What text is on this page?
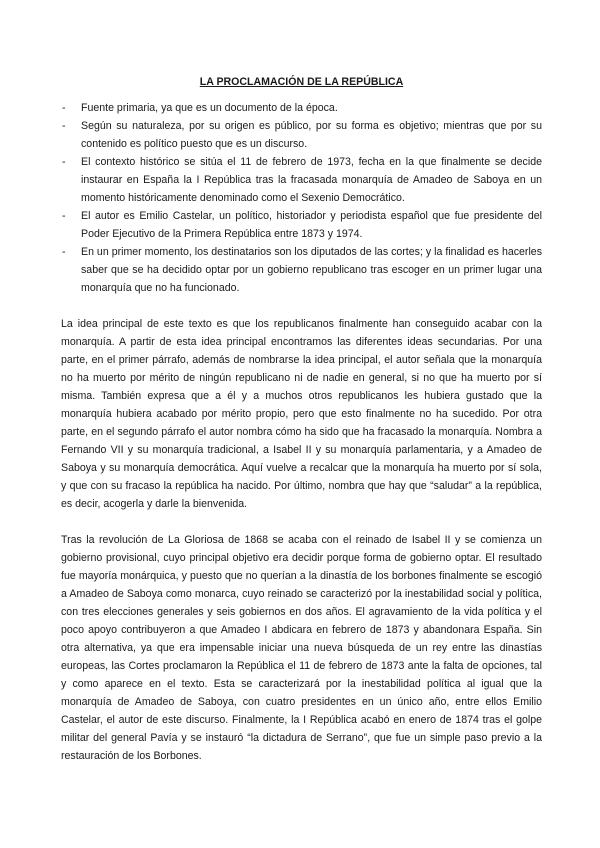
LA PROCLAMACIÓN DE LA REPÚBLICA
- Fuente primaria, ya que es un documento de la época.
- Según su naturaleza, por su origen es público, por su forma es objetivo; mientras que por su contenido es político puesto que es un discurso.
- El contexto histórico se sitúa el 11 de febrero de 1973, fecha en la que finalmente se decide instaurar en España la I República tras la fracasada monarquía de Amadeo de Saboya en un momento históricamente denominado como el Sexenio Democrático.
- El autor es Emilio Castelar, un político, historiador y periodista español que fue presidente del Poder Ejecutivo de la Primera República entre 1873 y 1974.
- En un primer momento, los destinatarios son los diputados de las cortes; y la finalidad es hacerles saber que se ha decidido optar por un gobierno republicano tras escoger en un primer lugar una monarquía que no ha funcionado.

La idea principal de este texto es que los republicanos finalmente han conseguido acabar con la monarquía. A partir de esta idea principal encontramos las diferentes ideas secundarias. Por una parte, en el primer párrafo, además de nombrarse la idea principal, el autor señala que la monarquía no ha muerto por mérito de ningún republicano ni de nadie en general, si no que ha muerto por sí misma. También expresa que a él y a muchos otros republicanos les hubiera gustado que la monarquía hubiera acabado por mérito propio, pero que esto finalmente no ha sucedido. Por otra parte, en el segundo párrafo el autor nombra cómo ha sido que ha fracasado la monarquía. Nombra a Fernando VII y su monarquía tradicional, a Isabel II y su monarquía parlamentaria, y a Amadeo de Saboya y su monarquía democrática. Aquí vuelve a recalcar que la monarquía ha muerto por sí sola, y que con su fracaso la república ha nacido. Por último, nombra que hay que “saludar” a la república, es decir, acogerla y darle la bienvenida.

Tras la revolución de La Gloriosa de 1868 se acaba con el reinado de Isabel II y se comienza un gobierno provisional, cuyo principal objetivo era decidir porque forma de gobierno optar. El resultado fue mayoría monárquica, y puesto que no querían a la dinastía de los borbones finalmente se escogió a Amadeo de Saboya como monarca, cuyo reinado se caracterizó por la inestabilidad social y política, con tres elecciones generales y seis gobiernos en dos años. El agravamiento de la vida política y el poco apoyo contribuyeron a que Amadeo I abdicara en febrero de 1873 y abandonara España. Sin otra alternativa, ya que era impensable iniciar una nueva búsqueda de un rey entre las dinastías europeas, las Cortes proclamaron la República el 11 de febrero de 1873 ante la falta de opciones, tal y como aparece en el texto. Esta se caracterizará por la inestabilidad política al igual que la monarquía de Amadeo de Saboya, con cuatro presidentes en un único año, entre ellos Emilio Castelar, el autor de este discurso. Finalmente, la I República acabó en enero de 1874 tras el golpe militar del general Pavía y se instauró “la dictadura de Serrano”, que fue un simple paso previo a la restauración de los Borbones.
